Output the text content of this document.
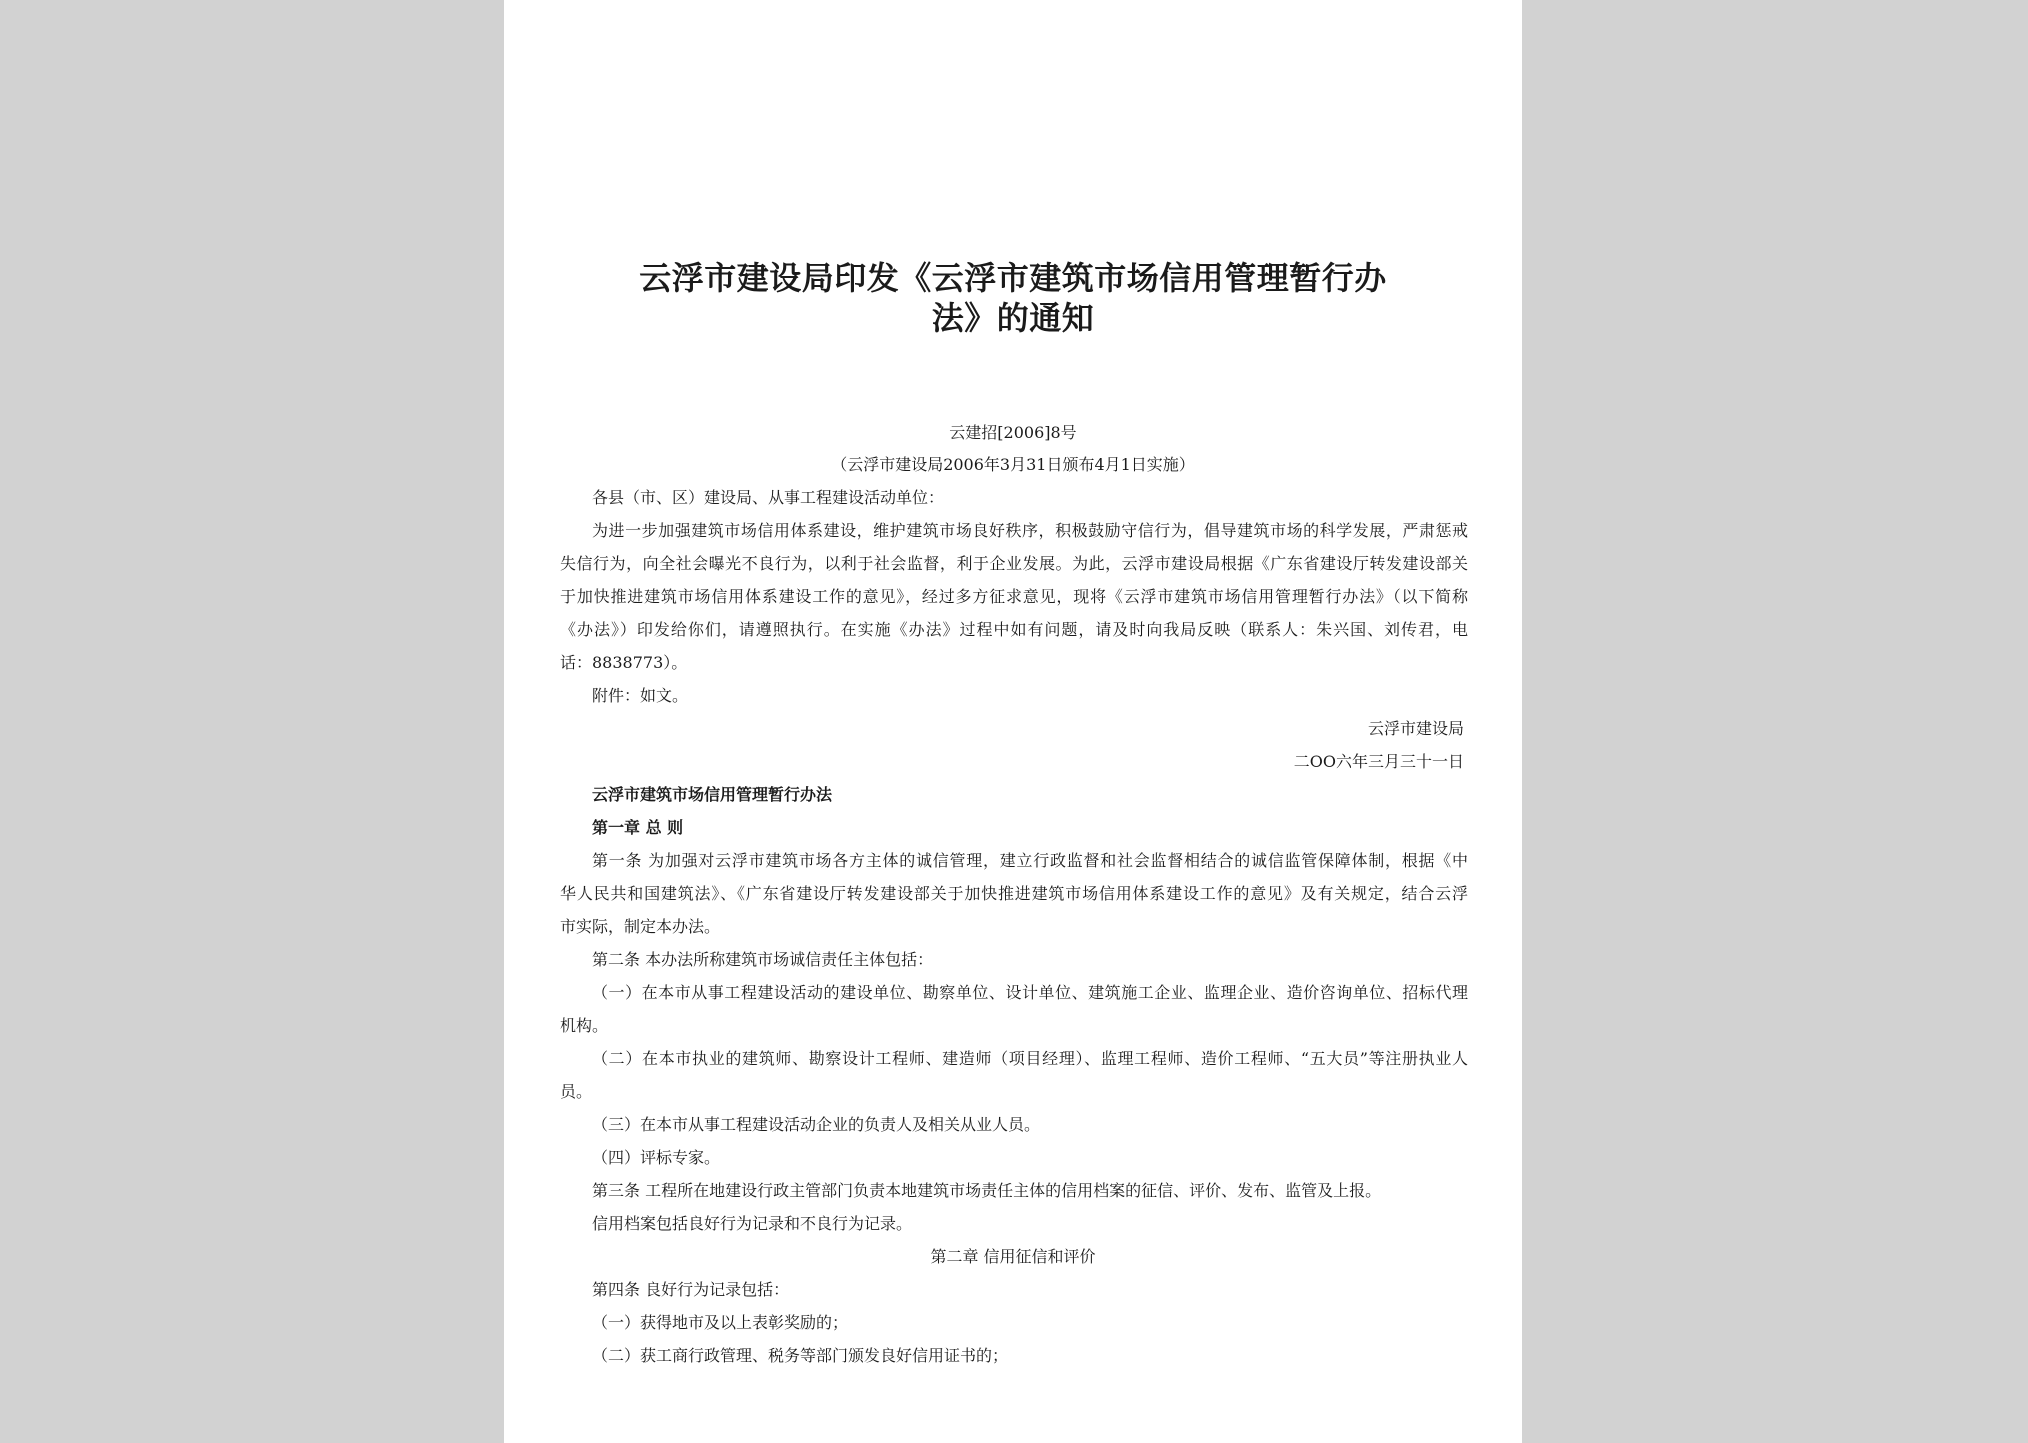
云浮市建设局印发《云浮市建筑市场信用管理暂行办
法》的通知
云建招[2006]8号
（云浮市建设局2006年3月31日颁布4月1日实施）
各县（市、区）建设局、从事工程建设活动单位：
为进一步加强建筑市场信用体系建设，维护建筑市场良好秩序，积极鼓励守信行为，倡导建筑市场的科学发展，严肃惩戒
失信行为，向全社会曝光不良行为，以利于社会监督，利于企业发展。为此，云浮市建设局根据《广东省建设厅转发建设部关
于加快推进建筑市场信用体系建设工作的意见》，经过多方征求意见，现将《云浮市建筑市场信用管理暂行办法》（以下简称
《办法》）印发给你们，请遵照执行。在实施《办法》过程中如有问题，请及时向我局反映（联系人：朱兴国、刘传君，电
话：8838773）。
附件：如文。
云浮市建设局
二OO六年三月三十一日
云浮市建筑市场信用管理暂行办法
第一章 总 则
第一条 为加强对云浮市建筑市场各方主体的诚信管理，建立行政监督和社会监督相结合的诚信监管保障体制，根据《中
华人民共和国建筑法》、《广东省建设厅转发建设部关于加快推进建筑市场信用体系建设工作的意见》及有关规定，结合云浮
市实际，制定本办法。
第二条 本办法所称建筑市场诚信责任主体包括：
（一）在本市从事工程建设活动的建设单位、勘察单位、设计单位、建筑施工企业、监理企业、造价咨询单位、招标代理
机构。
（二）在本市执业的建筑师、勘察设计工程师、建造师（项目经理）、监理工程师、造价工程师、“五大员”等注册执业人
员。
（三）在本市从事工程建设活动企业的负责人及相关从业人员。
（四）评标专家。
第三条 工程所在地建设行政主管部门负责本地建筑市场责任主体的信用档案的征信、评价、发布、监管及上报。
信用档案包括良好行为记录和不良行为记录。
第二章 信用征信和评价
第四条 良好行为记录包括：
（一）获得地市及以上表彰奖励的；
（二）获工商行政管理、税务等部门颁发良好信用证书的；
